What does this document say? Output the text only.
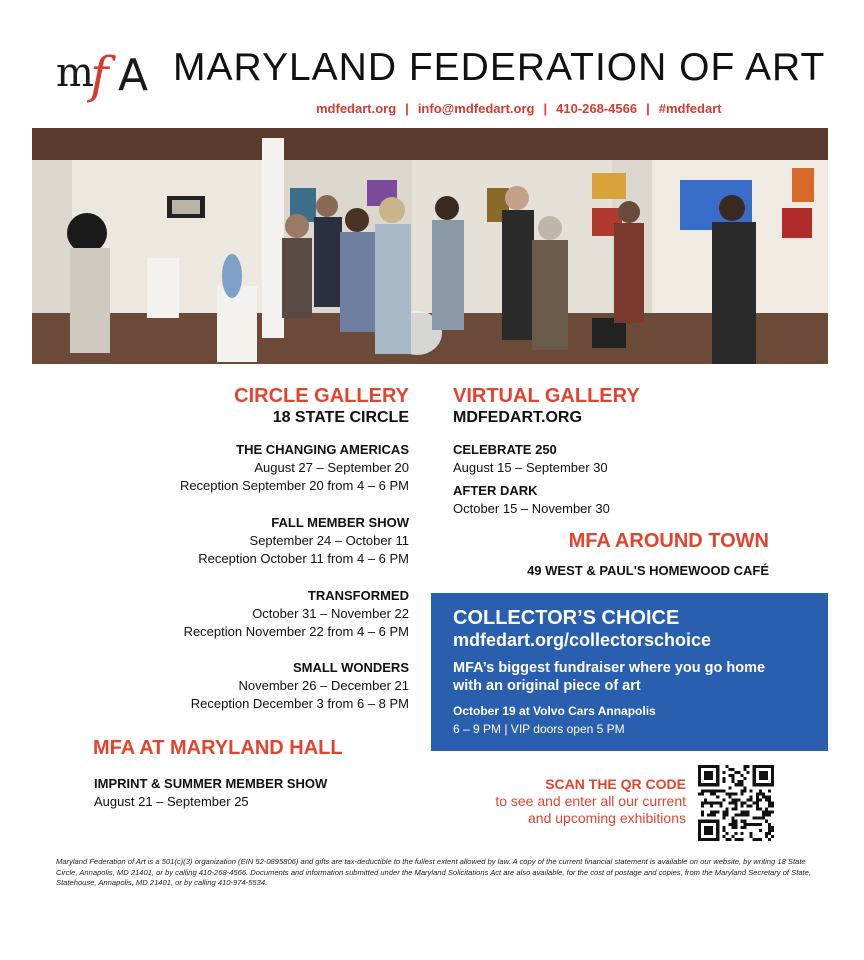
m
f A MARYLAND FEDERATION OF ART
mdfedart.org | info@mdfedart.org | 410-268-4566 | #mdfedart
CIRCLE GALLERY
18 STATE CIRCLE
THE CHANGING AMERICAS
August 27 – September 20
Reception September 20 from 4 – 6 PM
FALL MEMBER SHOW
September 24 – October 11
Reception October 11 from 4 – 6 PM
TRANSFORMED
October 31 – November 22
Reception November 22 from 4 – 6 PM
SMALL WONDERS
November 26 – December 21
Reception December 3 from 6 – 8 PM
VIRTUAL GALLERY
MDFEDART.ORG
CELEBRATE 250
August 15 – September 30
AFTER DARK
October 15 – November 30
MFA AROUND TOWN
49 WEST & PAUL'S HOMEWOOD CAFÉ
COLLECTOR’S CHOICE
mdfedart.org/collectorschoice
MFA’s biggest fundraiser where you go home with an original piece of art
October 19 at Volvo Cars Annapolis
6 – 9 PM | VIP doors open 5 PM
MFA AT MARYLAND HALL
IMPRINT & SUMMER MEMBER SHOW
August 21 – September 25
SCAN THE QR CODE
to see and enter all our current
and upcoming exhibitions
Maryland Federation of Art is a 501(c)(3) organization (EIN 52-0895806) and gifts are tax-deductible to the fullest extent allowed by law. A copy of the current financial statement is available on our website, by writing 18 State Circle, Annapolis, MD 21401, or by calling 410-268-4566. Documents and information submitted under the Maryland Solicitations Act are also available, for the cost of postage and copies, from the Maryland Secretary of State, Statehouse, Annapolis, MD 21401, or by calling 410-974-5534.
